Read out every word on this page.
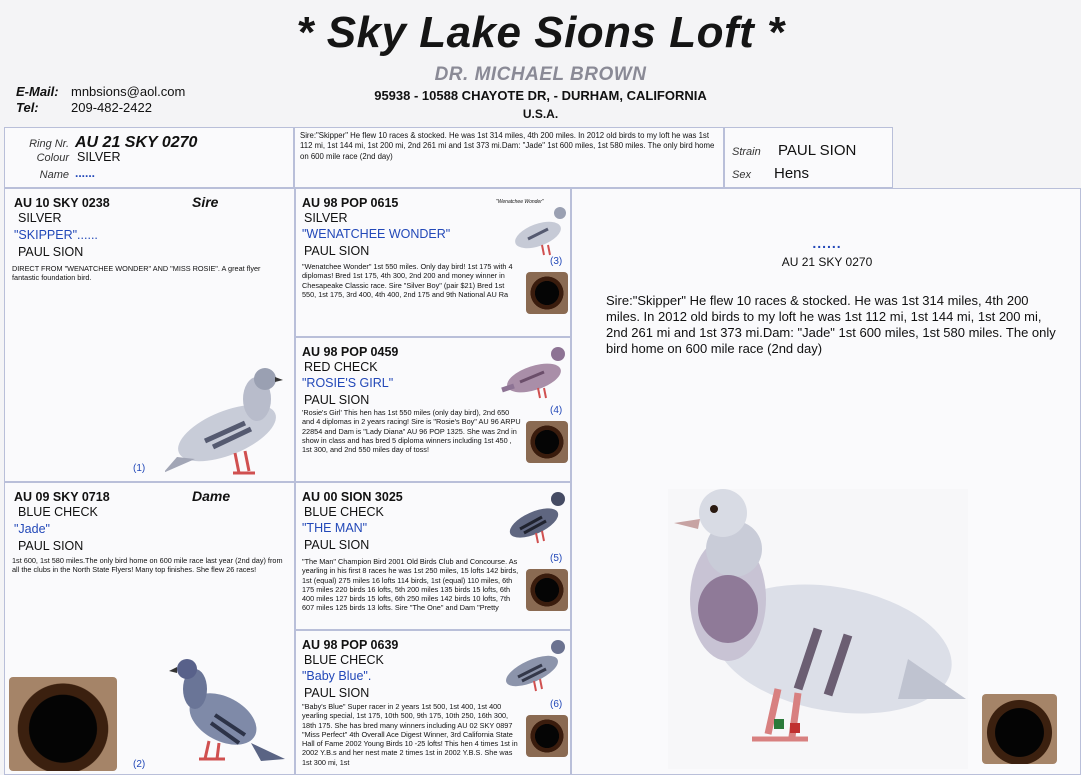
* Sky Lake Sions Loft *
DR. MICHAEL BROWN
95938 - 10588 CHAYOTE DR, - DURHAM, CALIFORNIA
U.S.A.
E-Mail: mnbsions@aol.com
Tel: 209-482-2422
Ring Nr. AU 21 SKY 0270
Colour SILVER
Name ......
Sire:"Skipper" He flew 10 races & stocked. He was 1st 314 miles, 4th 200 miles. In 2012 old birds to my loft he was 1st 112 mi, 1st 144 mi, 1st 200 mi, 2nd 261 mi and 1st 373 mi.Dam: "Jade" 1st 600 miles, 1st 580 miles. The only bird home on 600 mile race (2nd day)	Strain PAUL SION
Sex Hens
AU 10 SKY 0238	Sire
SILVER
"SKIPPER"......
PAUL SION
DIRECT FROM "WENATCHEE WONDER" AND "MISS ROSIE". A great flyer fantastic foundation bird.
(1)
AU 09 SKY 0718	Dame
BLUE CHECK
"Jade"
PAUL SION
1st 600, 1st 580 miles.The only bird home on 600 mile race last year (2nd day) from all the clubs in the North State Flyers! Many top finishes. She flew 26 races!
(2)
AU 98 POP 0615
SILVER
"WENATCHEE WONDER"
PAUL SION
"Wenatchee Wonder" 1st 550 miles. Only day bird! 1st 175 with 4 diplomas! Bred 1st 175, 4th 300, 2nd 200 and money winner in Chesapeake Classic race. Sire "Silver Boy" (pair $21) Bred 1st 550, 1st 175, 3rd 400, 4th 400, 2nd 175 and 9th National AU Ra
"Wenatchee Wonder"
(3)
AU 98 POP 0459
RED CHECK
"ROSIE'S GIRL"
PAUL SION
'Rosie's Girl' This hen has 1st 550 miles (only day bird), 2nd 650 and 4 diplomas in 2 years racing! Sire is "Rosie's Boy" AU 96 ARPU 22854 and Dam is "Lady Diana" AU 96 POP 1325. She was 2nd in show in class and has bred 5 diploma winners including 1st 450 , 1st 300, and 2nd 550 miles day of toss!
(4)
AU 00 SION 3025
BLUE CHECK
"THE MAN"
PAUL SION
"The Man" Champion Bird 2001 Old Birds Club and Concourse. As yearling in his first 8 races he was 1st 250 miles, 15 lofts 142 birds, 1st (equal) 275 miles 16 lofts 114 birds, 1st (equal) 110 miles, 6th 175 miles 220 birds 16 lofts, 5th 200 miles 135 birds 15 lofts, 6th 400 miles 127 birds 15 lofts, 6th 250 miles 142 birds 10 lofts, 7th 607 miles 125 birds 13 lofts. Sire "The One" and Dam "Pretty
(5)
AU 98 POP 0639
BLUE CHECK
"Baby Blue".
PAUL SION
"Baby's Blue" Super racer in 2 years 1st 500, 1st 400, 1st 400 yearling special, 1st 175, 10th 500, 9th 175, 10th 250, 16th 300, 18th 175. She has bred many winners including AU 02 SKY 0897 "Miss Perfect" 4th Overall Ace Digest Winner, 3rd California State Hall of Fame 2002 Young Birds 10 -25 lofts! This hen 4 times 1st in 2002 Y.B.s and her nest mate 2 times 1st in 2002 Y.B.S. She was 1st 300 mi, 1st
(6)
......
AU 21 SKY 0270
Sire:"Skipper" He flew 10 races & stocked. He was 1st 314 miles, 4th 200 miles. In 2012 old birds to my loft he was 1st 112 mi, 1st 144 mi, 1st 200 mi, 2nd 261 mi and 1st 373 mi.Dam: "Jade" 1st 600 miles, 1st 580 miles. The only bird home on 600 mile race (2nd day)
